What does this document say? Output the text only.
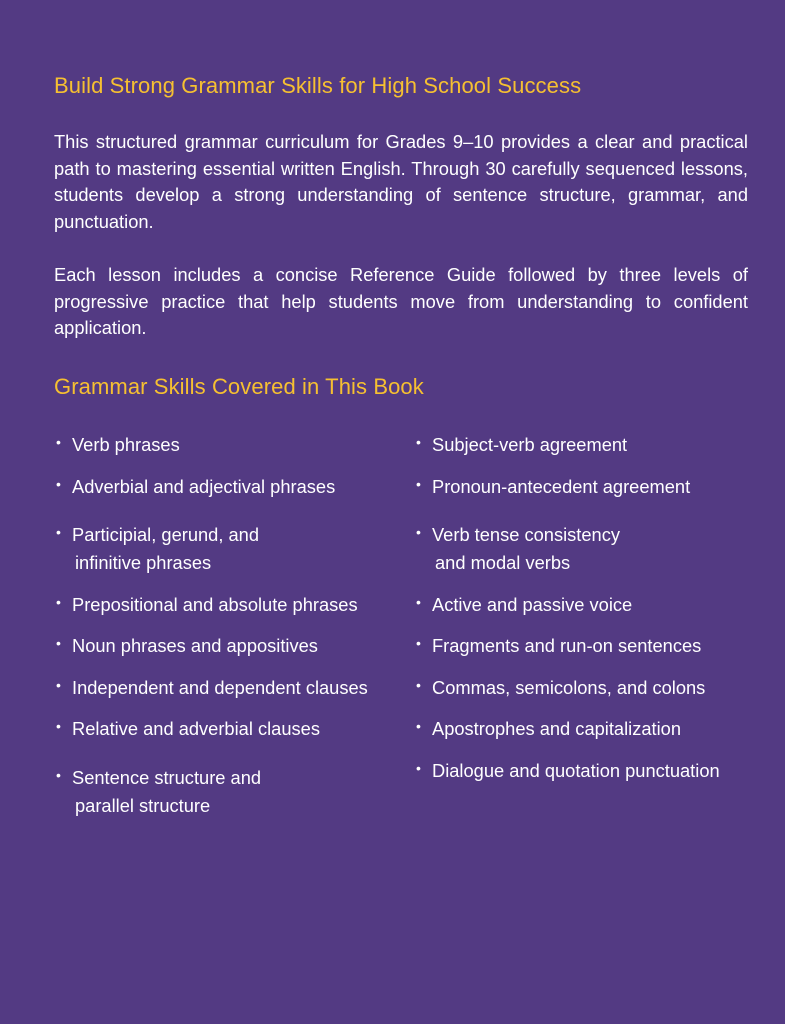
Build Strong Grammar Skills for High School Success

This structured grammar curriculum for Grades 9–10 provides a clear and practical path to mastering essential written English. Through 30 carefully sequenced lessons, students develop a strong understanding of sentence structure, grammar, and punctuation.

Each lesson includes a concise Reference Guide followed by three levels of progressive practice that help students move from understanding to confident application.

Grammar Skills Covered in This Book
• Verb phrases
• Adverbial and adjectival phrases
• Participial, gerund, and
infinitive phrases
• Prepositional and absolute phrases
• Noun phrases and appositives
• Independent and dependent clauses
• Relative and adverbial clauses
• Sentence structure and
parallel structure
• Subject-verb agreement
• Pronoun-antecedent agreement
• Verb tense consistency
and modal verbs
• Active and passive voice
• Fragments and run-on sentences
• Commas, semicolons, and colons
• Apostrophes and capitalization
• Dialogue and quotation punctuation
